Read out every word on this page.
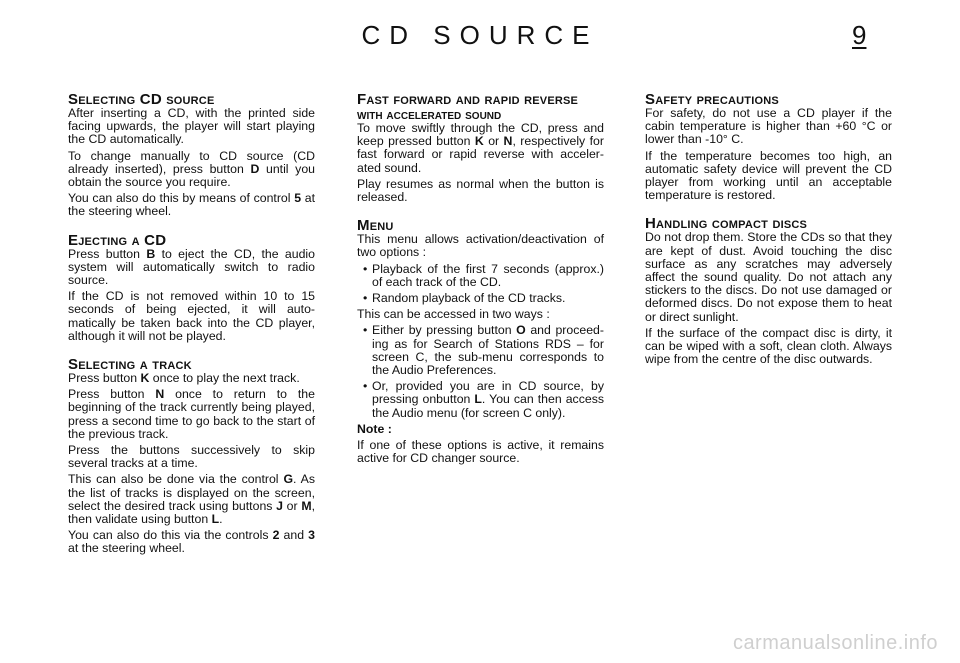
CD SOURCE	9
Selecting CD source
After inserting a CD, with the printed side facing upwards, the player will start playing the CD automatically.
To change manually to CD source (CD already inserted), press button D until you obtain the source you require.
You can also do this by means of control 5 at the steering wheel.
Ejecting a CD
Press button B to eject the CD, the audio system will automatically switch to radio source.
If the CD is not removed within 10 to 15 seconds of being ejected, it will auto-matically be taken back into the CD player, although it will not be played.
Selecting a track
Press button K once to play the next track.
Press button N once to return to the beginning of the track currently being played, press a second time to go back to the start of the previous track.
Press the buttons successively to skip several tracks at a time.
This can also be done via the control G. As the list of tracks is displayed on the screen, select the desired track using buttons J or M, then validate using button L.
You can also do this via the controls 2 and 3 at the steering wheel.
Fast forward and rapid reverse
with accelerated sound
To move swiftly through the CD, press and keep pressed button K or N, respectively for fast forward or rapid reverse with acceler-ated sound.
Play resumes as normal when the button is released.
Menu
This menu allows activation/deactivation of two options :
• Playback of the first 7 seconds (approx.) of each track of the CD.
• Random playback of the CD tracks.
This can be accessed in two ways :
• Either by pressing button O and proceed-ing as for Search of Stations RDS – for screen C, the sub-menu corresponds to the Audio Preferences.
• Or, provided you are in CD source, by pressing onbutton L. You can then access the Audio menu (for screen C only).
Note :
If one of these options is active, it remains active for CD changer source.
Safety precautions
For safety, do not use a CD player if the cabin temperature is higher than +60 °C or lower than -10° C.
If the temperature becomes too high, an automatic safety device will prevent the CD player from working until an acceptable temperature is restored.
Handling compact discs
Do not drop them. Store the CDs so that they are kept of dust. Avoid touching the disc surface as any scratches may adversely affect the sound quality. Do not attach any stickers to the discs. Do not use damaged or deformed discs. Do not expose them to heat or direct sunlight.
If the surface of the compact disc is dirty, it can be wiped with a soft, clean cloth. Always wipe from the centre of the disc outwards.
carmanualsonline.info
